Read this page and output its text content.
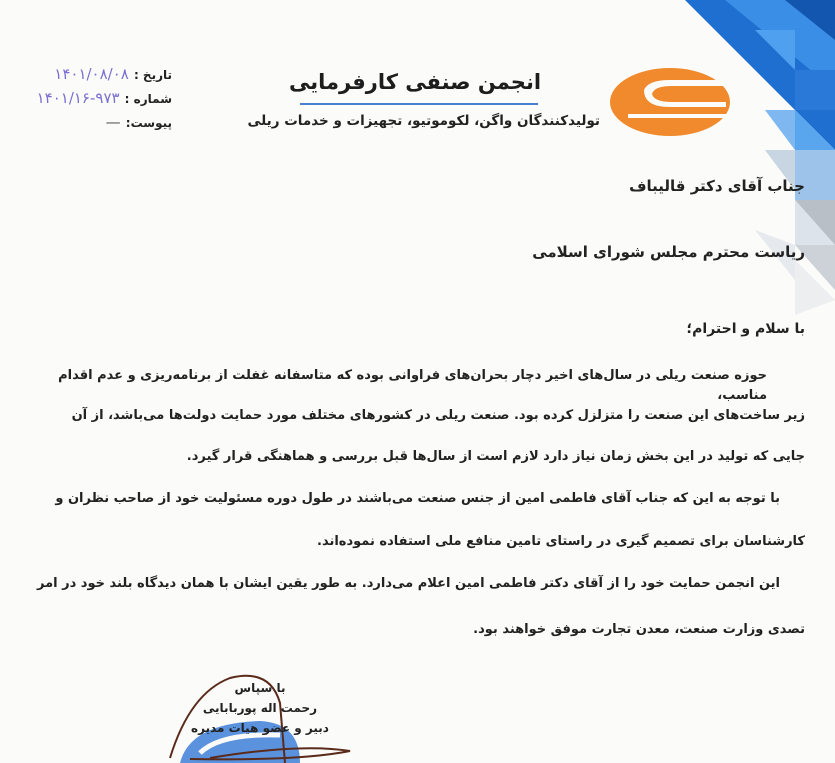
انجمن صنفی کارفرمایی
تولیدکنندگان واگن، لکوموتیو، تجهیزات و خدمات ریلی
تاریخ : ۱۴۰۱/۰۸/۰۸
شماره : ۱۴۰۱/۱۶-۹۷۳
پیوست: —
جناب آقای دکتر قالیباف
ریاست محترم مجلس شورای اسلامی
با سلام و احترام؛
حوزه صنعت ریلی در سال‌های اخیر دچار بحران‌های فراوانی بوده که متاسفانه غفلت از برنامه‌ریزی و عدم اقدام مناسب،
زیر ساخت‌های این صنعت را متزلزل کرده بود. صنعت ریلی در کشورهای مختلف مورد حمایت دولت‌ها می‌باشد، از آن
جایی که تولید در این بخش زمان نیاز دارد لازم است از سال‌ها قبل بررسی و هماهنگی قرار گیرد.
با توجه به این که جناب آقای فاطمی امین از جنس صنعت می‌باشند در طول دوره مسئولیت خود از صاحب نظران و
کارشناسان برای تصمیم گیری در راستای تامین منافع ملی استفاده نموده‌اند.
این انجمن حمایت خود را از آقای دکتر فاطمی امین اعلام می‌دارد. به طور یقین ایشان با همان دیدگاه بلند خود در امر
تصدی وزارت صنعت، معدن تجارت موفق خواهند بود.
با سپاس
رحمت اله پوربابایی
دبیر و عضو هیات مدیره
